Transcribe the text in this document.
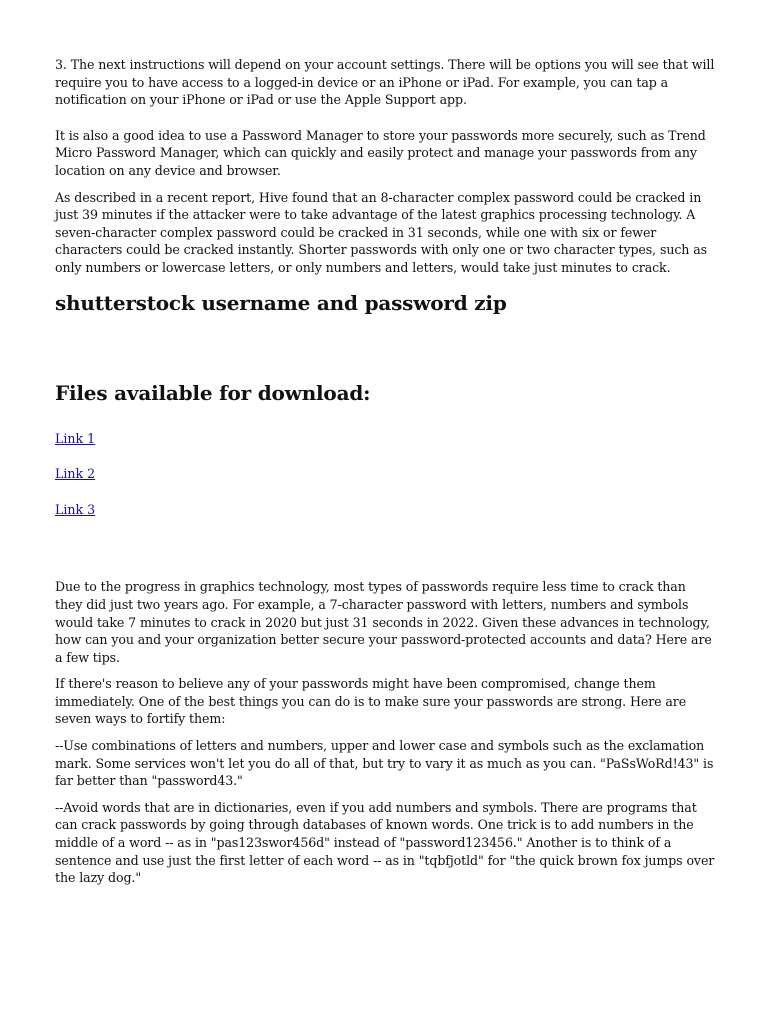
3. The next instructions will depend on your account settings. There will be options you will see that will require you to have access to a logged-in device or an iPhone or iPad. For example, you can tap a notification on your iPhone or iPad or use the Apple Support app.

It is also a good idea to use a Password Manager to store your passwords more securely, such as Trend Micro Password Manager, which can quickly and easily protect and manage your passwords from any location on any device and browser.

As described in a recent report, Hive found that an 8-character complex password could be cracked in just 39 minutes if the attacker were to take advantage of the latest graphics processing technology. A seven-character complex password could be cracked in 31 seconds, while one with six or fewer characters could be cracked instantly. Shorter passwords with only one or two character types, such as only numbers or lowercase letters, or only numbers and letters, would take just minutes to crack.

shutterstock username and password zip
Files available for download:
Link 1
Link 2
Link 3

Due to the progress in graphics technology, most types of passwords require less time to crack than they did just two years ago. For example, a 7-character password with letters, numbers and symbols would take 7 minutes to crack in 2020 but just 31 seconds in 2022. Given these advances in technology, how can you and your organization better secure your password-protected accounts and data? Here are a few tips.

If there's reason to believe any of your passwords might have been compromised, change them immediately. One of the best things you can do is to make sure your passwords are strong. Here are seven ways to fortify them:

--Use combinations of letters and numbers, upper and lower case and symbols such as the exclamation mark. Some services won't let you do all of that, but try to vary it as much as you can. "PaSsWoRd!43" is far better than "password43."

--Avoid words that are in dictionaries, even if you add numbers and symbols. There are programs that can crack passwords by going through databases of known words. One trick is to add numbers in the middle of a word -- as in "pas123swor456d" instead of "password123456." Another is to think of a sentence and use just the first letter of each word -- as in "tqbfjotld" for "the quick brown fox jumps over the lazy dog."
